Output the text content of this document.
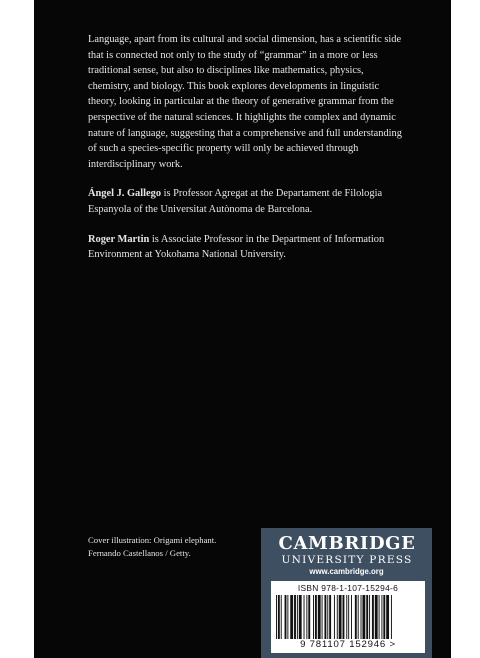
Language, apart from its cultural and social dimension, has a scientific side that is connected not only to the study of “grammar” in a more or less traditional sense, but also to disciplines like mathematics, physics, chemistry, and biology. This book explores developments in linguistic theory, looking in particular at the theory of generative grammar from the perspective of the natural sciences. It highlights the complex and dynamic nature of language, suggesting that a comprehensive and full understanding of such a species-specific property will only be achieved through interdisciplinary work.

Ángel J. Gallego is Professor Agregat at the Departament de Filologia Espanyola of the Universitat Autònoma de Barcelona.

Roger Martin is Associate Professor in the Department of Information Environment at Yokohama National University.

Cover illustration: Origami elephant.
Fernando Castellanos / Getty.	CAMBRIDGE
UNIVERSITY PRESS
www.cambridge.org
ISBN 978-1-107-15294-6
9 781107 152946 >
